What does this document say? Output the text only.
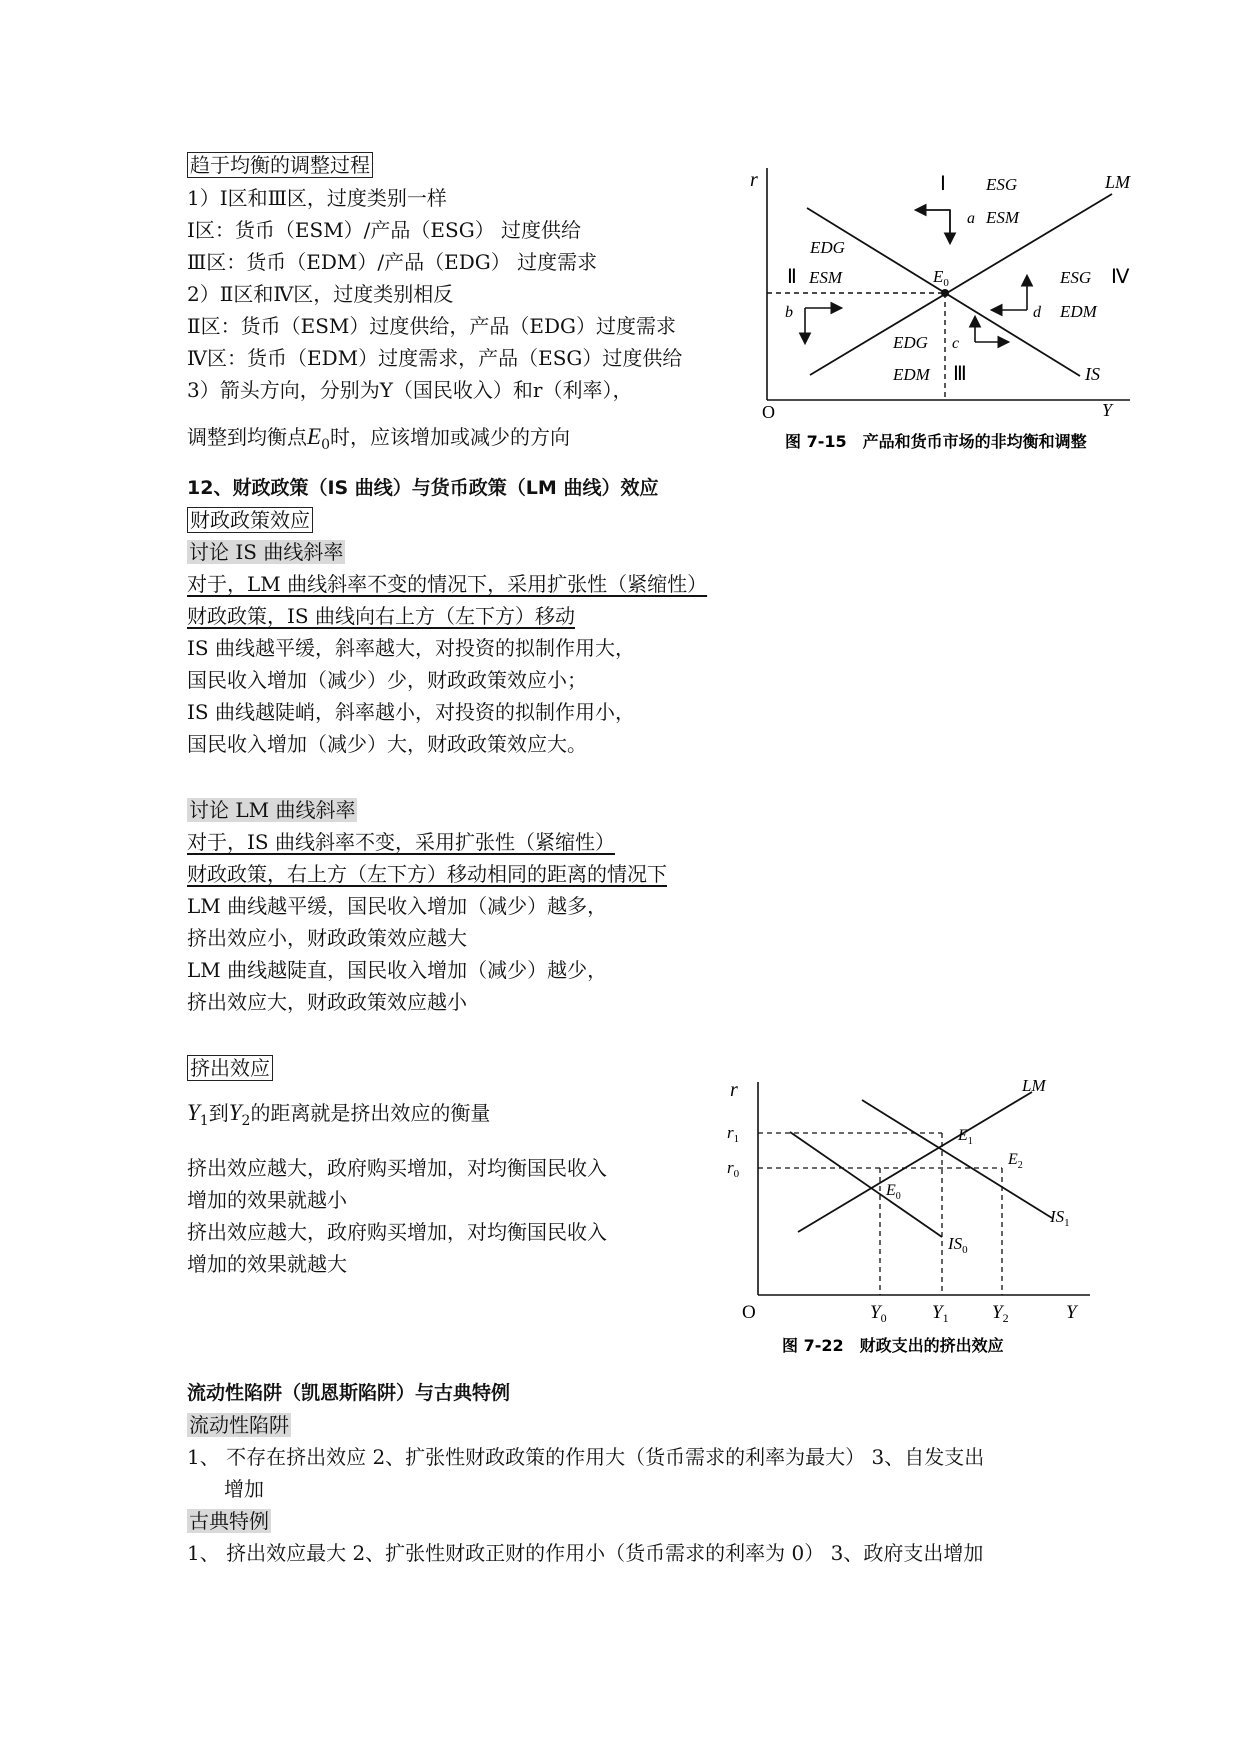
趋于均衡的调整过程
1）Ⅰ区和Ⅲ区，过度类别一样
Ⅰ区：货币（ESM）/产品（ESG） 过度供给
Ⅲ区：货币（EDM）/产品（EDG） 过度需求
2）Ⅱ区和Ⅳ区，过度类别相反
Ⅱ区：货币（ESM）过度供给，产品（EDG）过度需求
Ⅳ区：货币（EDM）过度需求，产品（ESG）过度供给
3）箭头方向，分别为Y（国民收入）和r（利率），
调整到均衡点$E_0$时，应该增加或减少的方向
r
Y
O
LM
IS
$E_0$
Ⅰ ESG
a ESM
EDG
Ⅱ ESM
b
EDG c
EDM Ⅲ
ESG Ⅳ
d EDM
图 7-15　产品和货币市场的非均衡和调整
12、财政政策（IS 曲线）与货币政策（LM 曲线）效应
财政政策效应
讨论 IS 曲线斜率
对于，LM 曲线斜率不变的情况下，采用扩张性（紧缩性）
财政政策，IS 曲线向右上方（左下方）移动
IS 曲线越平缓，斜率越大，对投资的拟制作用大，
国民收入增加（减少）少，财政政策效应小；
IS 曲线越陡峭，斜率越小，对投资的拟制作用小，
国民收入增加（减少）大，财政政策效应大。
讨论 LM 曲线斜率
对于，IS 曲线斜率不变，采用扩张性（紧缩性）
财政政策，右上方（左下方）移动相同的距离的情况下
LM 曲线越平缓，国民收入增加（减少）越多，
挤出效应小，财政政策效应越大
LM 曲线越陡直，国民收入增加（减少）越少，
挤出效应大，财政政策效应越小
挤出效应
$Y_1$到$Y_2$的距离就是挤出效应的衡量
挤出效应越大，政府购买增加，对均衡国民收入
增加的效果就越小
挤出效应越大，政府购买增加，对均衡国民收入
增加的效果就越大
r
Y
O
LM
$IS_0$
$IS_1$
$r_1$
$r_0$
$E_0$
$E_1$
$E_2$
$Y_0$ $Y_1$ $Y_2$
图 7-22　财政支出的挤出效应
流动性陷阱（凯恩斯陷阱）与古典特例
流动性陷阱
1、 不存在挤出效应 2、扩张性财政政策的作用大（货币需求的利率为最大） 3、自发支出
增加
古典特例
1、 挤出效应最大 2、扩张性财政正财的作用小（货币需求的利率为 0） 3、政府支出增加
